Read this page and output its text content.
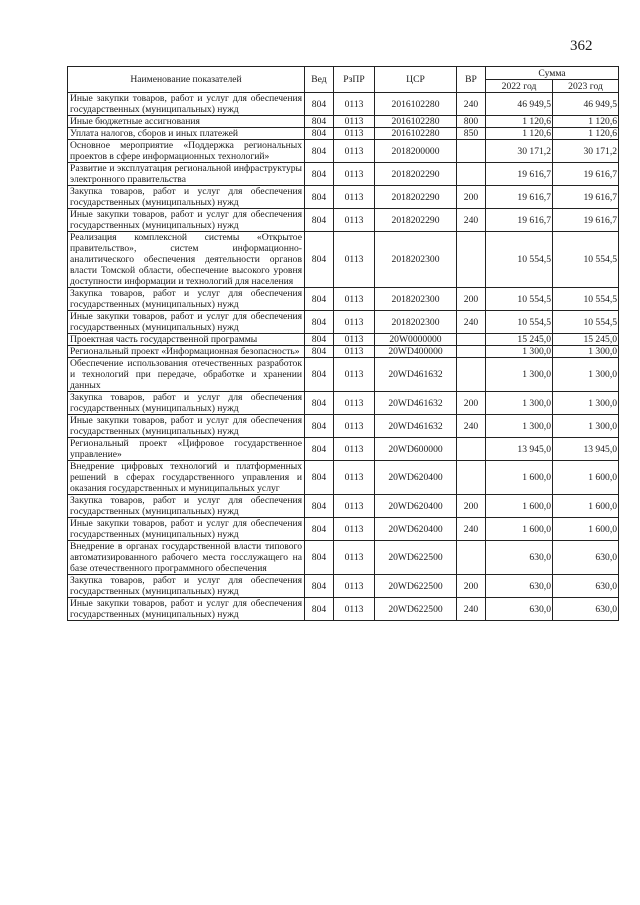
362
Наименование показателей	Вед	РзПР	ЦСР	ВР	Сумма	
					2022 год	2023 год
Иные закупки товаров, работ и услуг для обеспечения государственных (муниципальных) нужд	804	0113	2016102280	240	46 949,5	46 949,5
Иные бюджетные ассигнования	804	0113	2016102280	800	1 120,6	1 120,6
Уплата налогов, сборов и иных платежей	804	0113	2016102280	850	1 120,6	1 120,6
Основное мероприятие «Поддержка региональных проектов в сфере информационных технологий»	804	0113	2018200000		30 171,2	30 171,2
Развитие и эксплуатация региональной инфраструктуры электронного правительства	804	0113	2018202290		19 616,7	19 616,7
Закупка товаров, работ и услуг для обеспечения государственных (муниципальных) нужд	804	0113	2018202290	200	19 616,7	19 616,7
Иные закупки товаров, работ и услуг для обеспечения государственных (муниципальных) нужд	804	0113	2018202290	240	19 616,7	19 616,7
Реализация комплексной системы «Открытое правительство», систем информационно-аналитического обеспечения деятельности органов власти Томской области, обеспечение высокого уровня доступности информации и технологий для населения	804	0113	2018202300		10 554,5	10 554,5
Закупка товаров, работ и услуг для обеспечения государственных (муниципальных) нужд	804	0113	2018202300	200	10 554,5	10 554,5
Иные закупки товаров, работ и услуг для обеспечения государственных (муниципальных) нужд	804	0113	2018202300	240	10 554,5	10 554,5
Проектная часть государственной программы	804	0113	20W0000000		15 245,0	15 245,0
Региональный проект «Информационная безопасность»	804	0113	20WD400000		1 300,0	1 300,0
Обеспечение использования отечественных разработок и технологий при передаче, обработке и хранении данных	804	0113	20WD461632		1 300,0	1 300,0
Закупка товаров, работ и услуг для обеспечения государственных (муниципальных) нужд	804	0113	20WD461632	200	1 300,0	1 300,0
Иные закупки товаров, работ и услуг для обеспечения государственных (муниципальных) нужд	804	0113	20WD461632	240	1 300,0	1 300,0
Региональный проект «Цифровое государственное управление»	804	0113	20WD600000		13 945,0	13 945,0
Внедрение цифровых технологий и платформенных решений в сферах государственного управления и оказания государственных и муниципальных услуг	804	0113	20WD620400		1 600,0	1 600,0
Закупка товаров, работ и услуг для обеспечения государственных (муниципальных) нужд	804	0113	20WD620400	200	1 600,0	1 600,0
Иные закупки товаров, работ и услуг для обеспечения государственных (муниципальных) нужд	804	0113	20WD620400	240	1 600,0	1 600,0
Внедрение в органах государственной власти типового автоматизированного рабочего места госслужащего на базе отечественного программного обеспечения	804	0113	20WD622500		630,0	630,0
Закупка товаров, работ и услуг для обеспечения государственных (муниципальных) нужд	804	0113	20WD622500	200	630,0	630,0
Иные закупки товаров, работ и услуг для обеспечения государственных (муниципальных) нужд	804	0113	20WD622500	240	630,0	630,0
